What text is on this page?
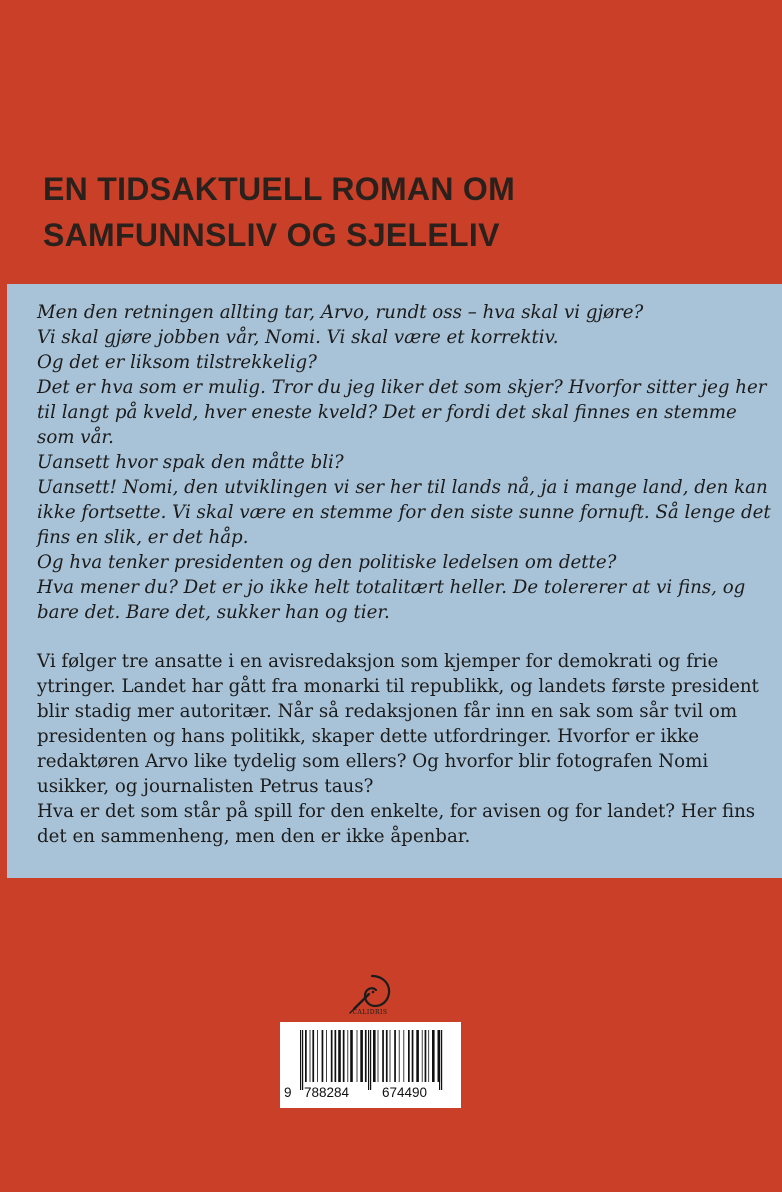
EN TIDSAKTUELL ROMAN OM
SAMFUNNSLIV OG SJELELIV

Men den retningen allting tar, Arvo, rundt oss – hva skal vi gjøre?

Vi skal gjøre jobben vår, Nomi. Vi skal være et korrektiv.

Og det er liksom tilstrekkelig?

Det er hva som er mulig. Tror du jeg liker det som skjer? Hvorfor sitter jeg her til langt på kveld, hver eneste kveld? Det er fordi det skal finnes en stemme som vår.

Uansett hvor spak den måtte bli?

Uansett! Nomi, den utviklingen vi ser her til lands nå, ja i mange land, den kan ikke fortsette. Vi skal være en stemme for den siste sunne fornuft. Så lenge det fins en slik, er det håp.

Og hva tenker presidenten og den politiske ledelsen om dette?

Hva mener du? Det er jo ikke helt totalitært heller. De tolererer at vi fins, og bare det. Bare det, sukker han og tier.

Vi følger tre ansatte i en avisredaksjon som kjemper for demokrati og frie ytringer. Landet har gått fra monarki til republikk, og landets første president blir stadig mer autoritær. Når så redaksjonen får inn en sak som sår tvil om presidenten og hans politikk, skaper dette utfordringer. Hvorfor er ikke redaktøren Arvo like tydelig som ellers? Og hvorfor blir fotografen Nomi usikker, og journalisten Petrus taus?

Hva er det som står på spill for den enkelte, for avisen og for landet? Her fins det en sammenheng, men den er ikke åpenbar.

CALIDRIS
9 788284 674490
